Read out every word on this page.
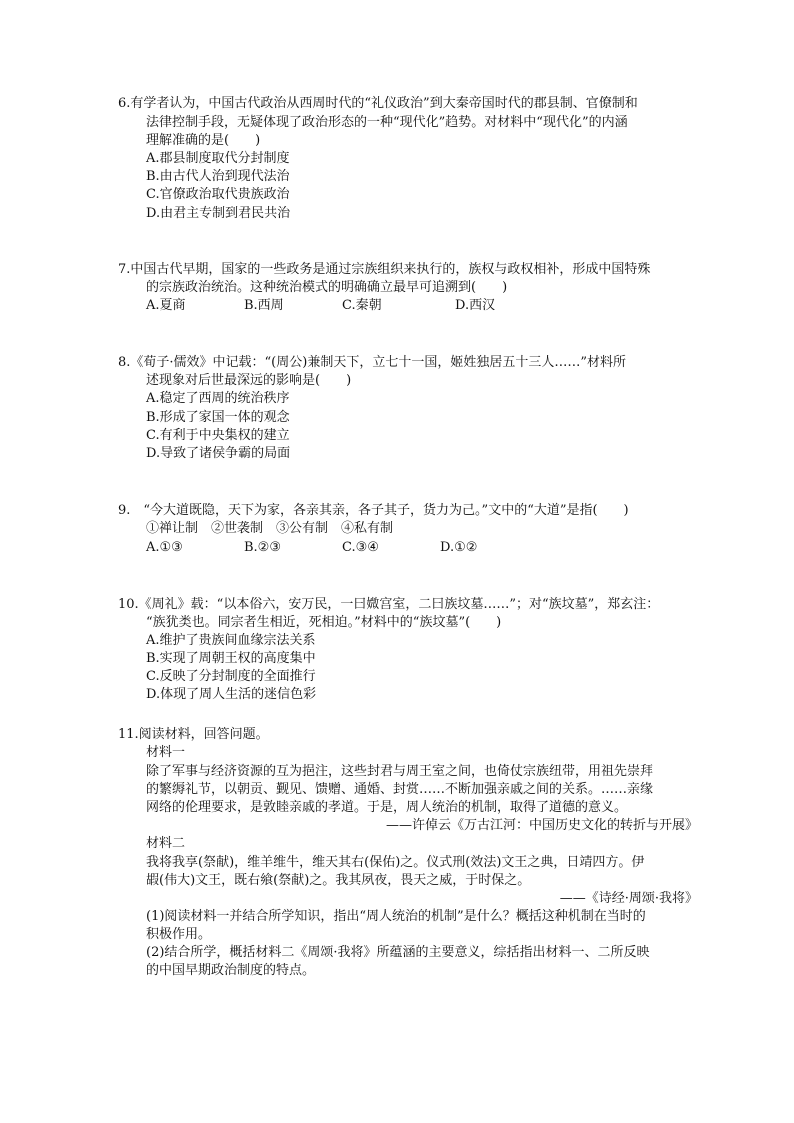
6.有学者认为，中国古代政治从西周时代的“礼仪政治”到大秦帝国时代的郡县制、官僚制和
法律控制手段，无疑体现了政治形态的一种“现代化”趋势。对材料中“现代化”的内涵
理解准确的是(　　)
A.郡县制度取代分封制度
B.由古代人治到现代法治
C.官僚政治取代贵族政治
D.由君主专制到君民共治
7.中国古代早期，国家的一些政务是通过宗族组织来执行的，族权与政权相补，形成中国特殊
的宗族政治统治。这种统治模式的明确确立最早可追溯到(　　)
A.夏商	B.西周	C.秦朝	D.西汉
8.《荀子·儒效》中记载：“(周公)兼制天下，立七十一国，姬姓独居五十三人……”材料所
述现象对后世最深远的影响是(　　)
A.稳定了西周的统治秩序
B.形成了家国一体的观念
C.有利于中央集权的建立
D.导致了诸侯争霸的局面
9.　“今大道既隐，天下为家，各亲其亲，各子其子，货力为己。”文中的“大道”是指(　　)
①禅让制　②世袭制　③公有制　④私有制
A.①③	B.②③	C.③④	D.①②
10.《周礼》载：“以本俗六，安万民，一曰媺宫室，二曰族坟墓……”；对“族坟墓”，郑玄注：
“族犹类也。同宗者生相近，死相迫。”材料中的“族坟墓”(　　)
A.维护了贵族间血缘宗法关系
B.实现了周朝王权的高度集中
C.反映了分封制度的全面推行
D.体现了周人生活的迷信色彩
11.阅读材料，回答问题。
材料一
除了军事与经济资源的互为挹注，这些封君与周王室之间，也倚仗宗族纽带，用祖先崇拜
的繁缛礼节，以朝贡、觐见、馈赠、通婚、封赏……不断加强亲戚之间的关系。……亲缘
网络的伦理要求，是敦睦亲戚的孝道。于是，周人统治的机制，取得了道德的意义。
——许倬云《万古江河：中国历史文化的转折与开展》
材料二
我将我享(祭献)，维羊维牛，维天其右(保佑)之。仪式刑(效法)文王之典，日靖四方。伊
嘏(伟大)文王，既右飨(祭献)之。我其夙夜，畏天之威，于时保之。
——《诗经·周颂·我将》
(1)阅读材料一并结合所学知识，指出“周人统治的机制”是什么？概括这种机制在当时的
积极作用。
(2)结合所学，概括材料二《周颂·我将》所蕴涵的主要意义，综括指出材料一、二所反映
的中国早期政治制度的特点。
